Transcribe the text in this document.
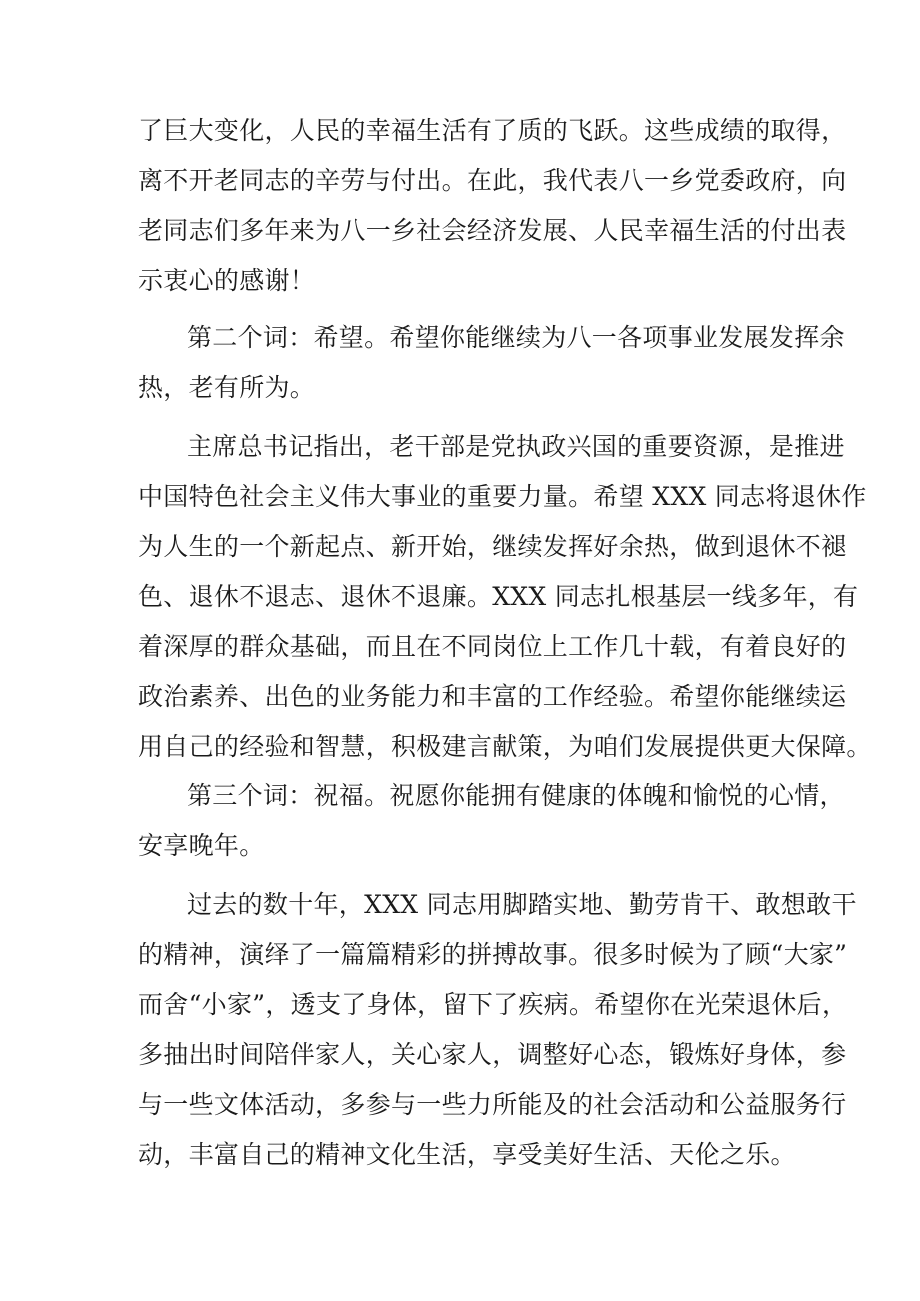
了巨大变化，人民的幸福生活有了质的飞跃。这些成绩的取得，
离不开老同志的辛劳与付出。在此，我代表八一乡党委政府，向
老同志们多年来为八一乡社会经济发展、人民幸福生活的付出表
示衷心的感谢！
第二个词：希望。希望你能继续为八一各项事业发展发挥余
热，老有所为。
主席总书记指出，老干部是党执政兴国的重要资源，是推进
中国特色社会主义伟大事业的重要力量。希望 XXX 同志将退休作
为人生的一个新起点、新开始，继续发挥好余热，做到退休不褪
色、退休不退志、退休不退廉。XXX 同志扎根基层一线多年，有
着深厚的群众基础，而且在不同岗位上工作几十载，有着良好的
政治素养、出色的业务能力和丰富的工作经验。希望你能继续运
用自己的经验和智慧，积极建言献策，为咱们发展提供更大保障。
第三个词：祝福。祝愿你能拥有健康的体魄和愉悦的心情，
安享晚年。
过去的数十年，XXX 同志用脚踏实地、勤劳肯干、敢想敢干
的精神，演绎了一篇篇精彩的拼搏故事。很多时候为了顾“大家”
而舍“小家”，透支了身体，留下了疾病。希望你在光荣退休后，
多抽出时间陪伴家人，关心家人，调整好心态，锻炼好身体，参
与一些文体活动，多参与一些力所能及的社会活动和公益服务行
动，丰富自己的精神文化生活，享受美好生活、天伦之乐。
